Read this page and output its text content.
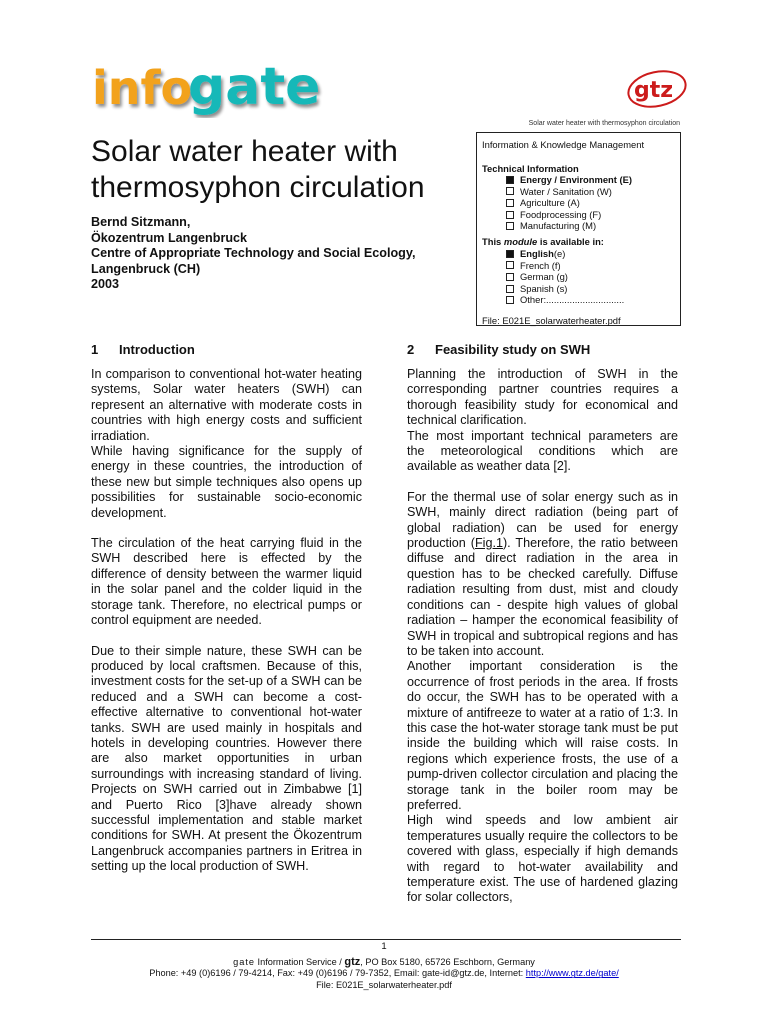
info
gate	gtz
Solar water heater with thermosyphon circulation
Solar water heater with
thermosyphon circulation
Bernd Sitzmann,
Ökozentrum Langenbruck
Centre of Appropriate Technology and Social Ecology,
Langenbruck (CH)
2003
Information & Knowledge Management
Technical Information
Energy / Environment (E)
Water / Sanitation (W)
Agriculture (A)
Foodprocessing (F)
Manufacturing (M)
This module is available in:
English (e)
French (f)
German (g)
Spanish (s)
Other:..............................
File: E021E_solarwaterheater.pdf
1 Introduction

In comparison to conventional hot-water heating systems, Solar water heaters (SWH) can represent an alternative with moderate costs in countries with high energy costs and sufficient irradiation.

While having significance for the supply of energy in these countries, the introduction of these new but simple techniques also opens up possibilities for sustainable socio-economic development.

The circulation of the heat carrying fluid in the SWH described here is effected by the difference of density between the warmer liquid in the solar panel and the colder liquid in the storage tank. Therefore, no electrical pumps or control equipment are needed.

Due to their simple nature, these SWH can be produced by local craftsmen. Because of this, investment costs for the set-up of a SWH can be reduced and a SWH can become a cost-effective alternative to conventional hot-water tanks. SWH are used mainly in hospitals and hotels in developing countries. However there are also market opportunities in urban surroundings with increasing standard of living. Projects on SWH carried out in Zimbabwe [1] and Puerto Rico [3]have already shown successful implementation and stable market conditions for SWH. At present the Ökozentrum Langenbruck accompanies partners in Eritrea in setting up the local production of SWH.

2 Feasibility study on SWH

Planning the introduction of SWH in the corresponding partner countries requires a thorough feasibility study for economical and technical clarification.

The most important technical parameters are the meteorological conditions which are available as weather data [2].

For the thermal use of solar energy such as in SWH, mainly direct radiation (being part of global radiation) can be used for energy production (Fig.1). Therefore, the ratio between diffuse and direct radiation in the area in question has to be checked carefully. Diffuse radiation resulting from dust, mist and cloudy conditions can - despite high values of global radiation – hamper the economical feasibility of SWH in tropical and subtropical regions and has to be taken into account.

Another important consideration is the occurrence of frost periods in the area. If frosts do occur, the SWH has to be operated with a mixture of antifreeze to water at a ratio of 1:3. In this case the hot-water storage tank must be put inside the building which will raise costs. In regions which experience frosts, the use of a pump-driven collector circulation and placing the storage tank in the boiler room may be preferred.

High wind speeds and low ambient air temperatures usually require the collectors to be covered with glass, especially if high demands with regard to hot-water availability and temperature exist. The use of hardened glazing for solar collectors,

1
gate Information Service / gtz, PO Box 5180, 65726 Eschborn, Germany
Phone: +49 (0)6196 / 79-4214, Fax: +49 (0)6196 / 79-7352, Email: gate-id@gtz.de, Internet: http://www.gtz.de/gate/
File: E021E_solarwaterheater.pdf
